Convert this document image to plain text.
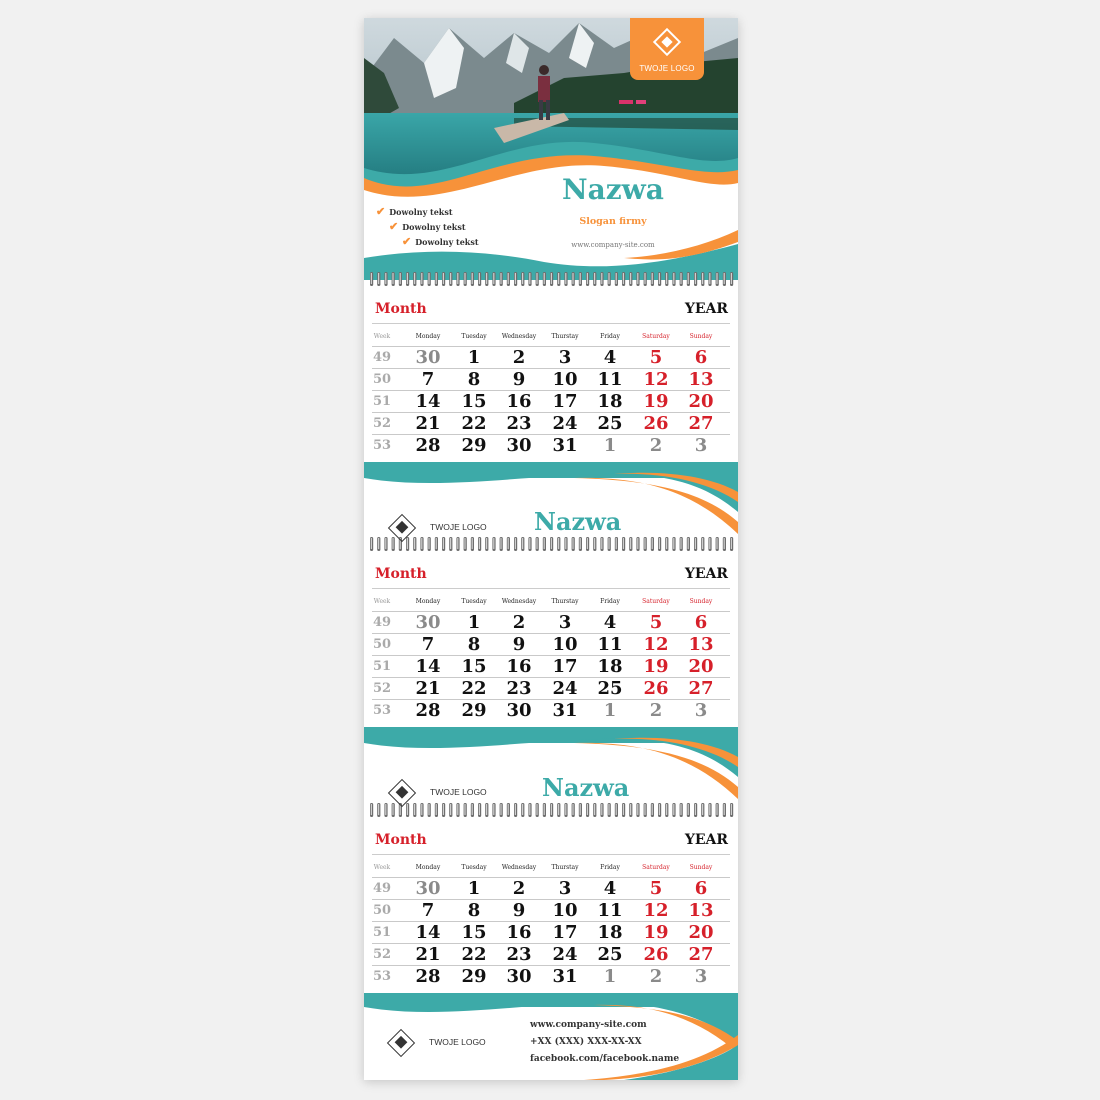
TWOJE LOGO
Nazwa
Slogan firmy
www.company-site.com
✔ Dowolny tekst
✔ Dowolny tekst
✔ Dowolny tekst
Month	YEAR
Week	Monday	Tuesday	Wednesday	Thurstay	Friday	Saturday	Sunday
49	30	1	2	3	4	5	6
50	7	8	9	10	11	12	13
51	14	15	16	17	18	19	20
52	21	22	23	24	25	26	27
53	28	29	30	31	1	2	3
TWOJE LOGO	Nazwa
Month	YEAR
Week	Monday	Tuesday	Wednesday	Thurstay	Friday	Saturday	Sunday
49	30	1	2	3	4	5	6
50	7	8	9	10	11	12	13
51	14	15	16	17	18	19	20
52	21	22	23	24	25	26	27
53	28	29	30	31	1	2	3
TWOJE LOGO	Nazwa
Month	YEAR
Week	Monday	Tuesday	Wednesday	Thurstay	Friday	Saturday	Sunday
49	30	1	2	3	4	5	6
50	7	8	9	10	11	12	13
51	14	15	16	17	18	19	20
52	21	22	23	24	25	26	27
53	28	29	30	31	1	2	3
TWOJE LOGO
www.company-site.com
+XX (XXX) XXX-XX-XX
facebook.com/facebook.name
